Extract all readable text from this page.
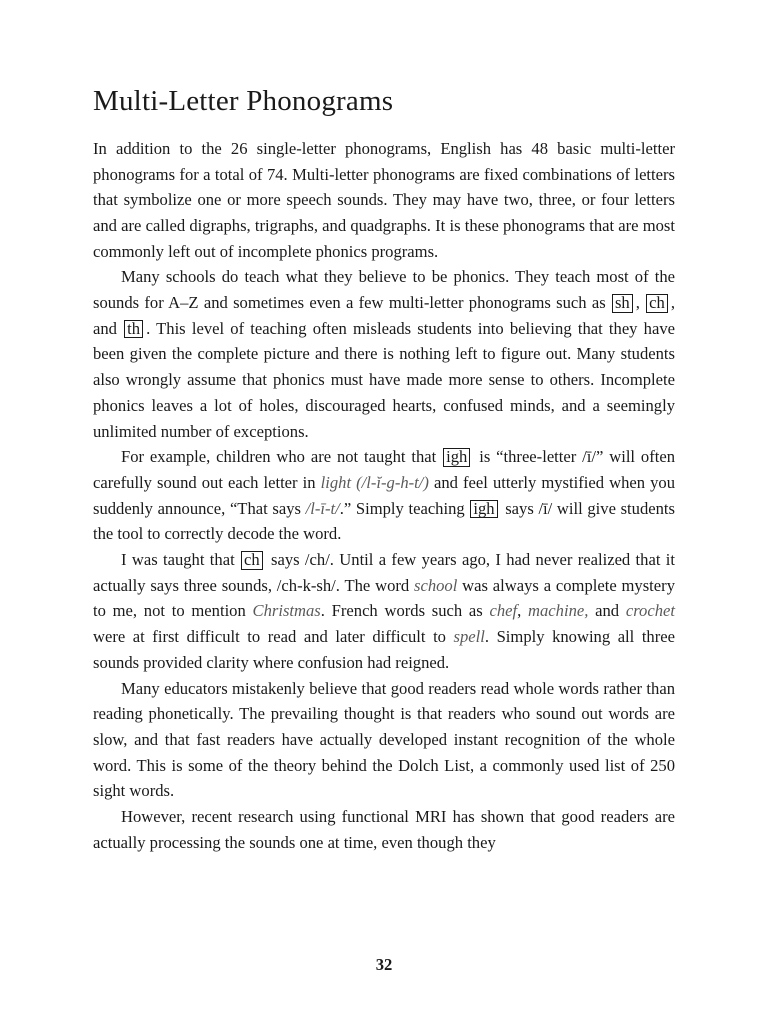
Multi-Letter Phonograms

In addition to the 26 single-letter phonograms, English has 48 basic multi-letter phonograms for a total of 74. Multi-letter phonograms are fixed combinations of letters that symbolize one or more speech sounds. They may have two, three, or four letters and are called digraphs, trigraphs, and quadgraphs. It is these phonograms that are most commonly left out of incomplete phonics programs.

Many schools do teach what they believe to be phonics. They teach most of the sounds for A–Z and sometimes even a few multi-letter phonograms such as sh , ch , and th . This level of teaching often misleads students into believing that they have been given the complete picture and there is nothing left to figure out. Many students also wrongly assume that phonics must have made more sense to others. Incomplete phonics leaves a lot of holes, discouraged hearts, confused minds, and a seemingly unlimited number of exceptions.

For example, children who are not taught that igh is “three-letter /ī/” will often carefully sound out each letter in light (/l-ĭ-g-h-t/) and feel utterly mystified when you suddenly announce, “That says /l-ī-t/.” Simply teaching igh says /ī/ will give students the tool to correctly decode the word.

I was taught that ch says /ch/. Until a few years ago, I had never realized that it actually says three sounds, /ch-k-sh/. The word school was always a complete mystery to me, not to mention Christmas. French words such as chef, machine, and crochet were at first difficult to read and later difficult to spell. Simply knowing all three sounds provided clarity where confusion had reigned.

Many educators mistakenly believe that good readers read whole words rather than reading phonetically. The prevailing thought is that readers who sound out words are slow, and that fast readers have actually developed instant recognition of the whole word. This is some of the theory behind the Dolch List, a commonly used list of 250 sight words.

However, recent research using functional MRI has shown that good readers are actually processing the sounds one at time, even though they

32
